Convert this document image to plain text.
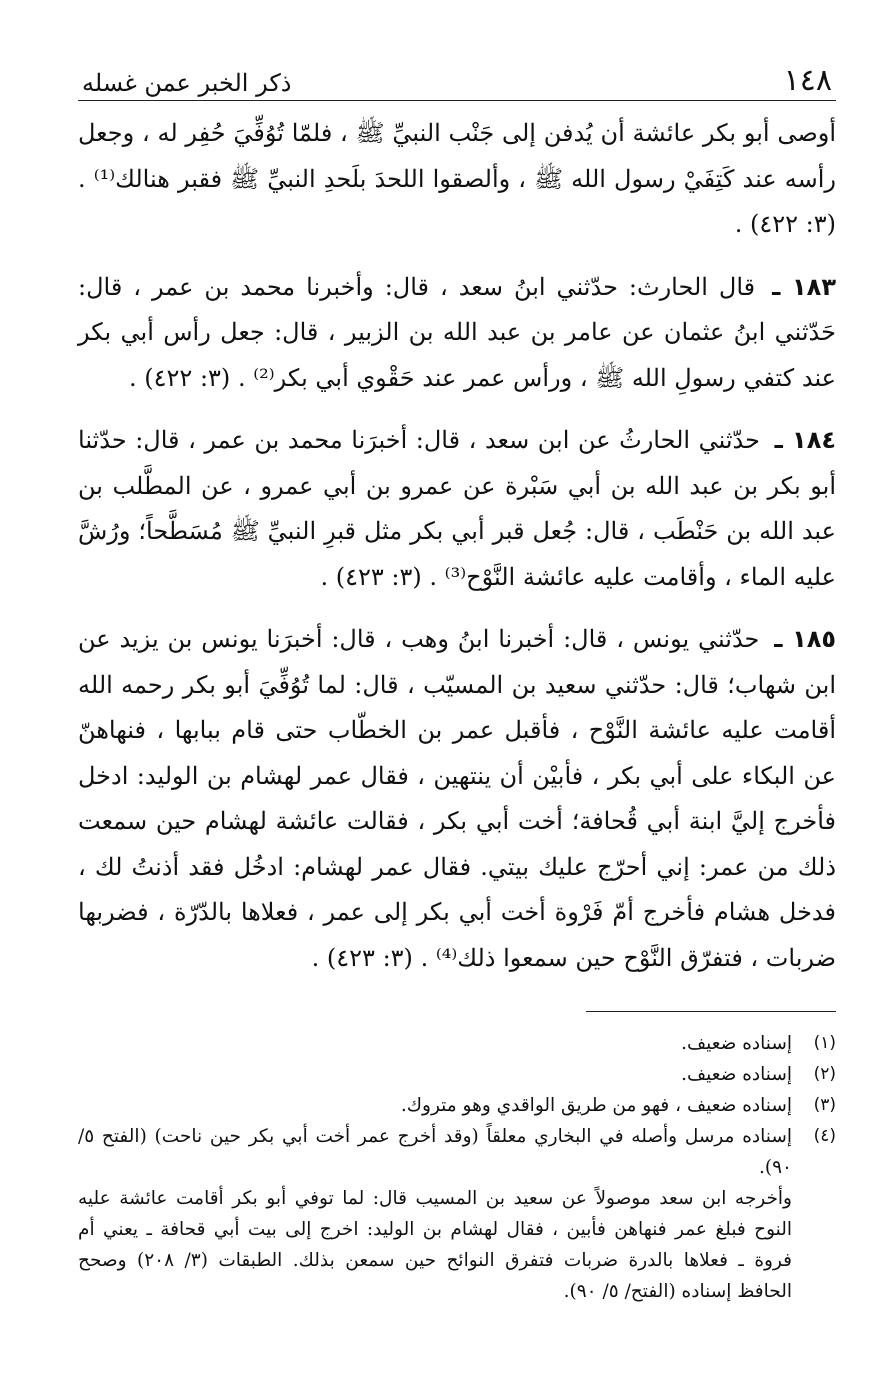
١٤٨
ذكر الخبر عمن غسله

أوصى أبو بكر عائشة أن يُدفن إلى جَنْب النبيِّ ﷺ ، فلمّا تُوُفِّيَ حُفِر له ، وجعل رأسه عند كَتِفَيْ رسول الله ﷺ ، وألصقوا اللحدَ بلَحدِ النبيِّ ﷺ فقبر هنالك⁽¹⁾ . (٣: ٤٢٢) .

١٨٣ ـ قال الحارث: حدّثني ابنُ سعد ، قال: وأخبرنا محمد بن عمر ، قال: حَدّثني ابنُ عثمان عن عامر بن عبد الله بن الزبير ، قال: جعل رأس أبي بكر عند كتفي رسولِ الله ﷺ ، ورأس عمر عند حَقْوي أبي بكر⁽²⁾ . (٣: ٤٢٢) .

١٨٤ ـ حدّثني الحارثُ عن ابن سعد ، قال: أخبرَنا محمد بن عمر ، قال: حدّثنا أبو بكر بن عبد الله بن أبي سَبْرة عن عمرو بن أبي عمرو ، عن المطَّلب بن عبد الله بن حَنْطَب ، قال: جُعل قبر أبي بكر مثل قبرِ النبيِّ ﷺ مُسَطَّحاً؛ ورُشَّ عليه الماء ، وأقامت عليه عائشة النَّوْح⁽³⁾ . (٣: ٤٢٣) .

١٨٥ ـ حدّثني يونس ، قال: أخبرنا ابنُ وهب ، قال: أخبرَنا يونس بن يزيد عن ابن شهاب؛ قال: حدّثني سعيد بن المسيّب ، قال: لما تُوُفِّيَ أبو بكر رحمه الله أقامت عليه عائشة النَّوْح ، فأقبل عمر بن الخطّاب حتى قام ببابها ، فنهاهنّ عن البكاء على أبي بكر ، فأبيْن أن ينتهين ، فقال عمر لهشام بن الوليد: ادخل فأخرج إليَّ ابنة أبي قُحافة؛ أخت أبي بكر ، فقالت عائشة لهشام حين سمعت ذلك من عمر: إني أحرّج عليك بيتي. فقال عمر لهشام: ادخُل فقد أذنتُ لك ، فدخل هشام فأخرج أمّ فَرْوة أخت أبي بكر إلى عمر ، فعلاها بالدّرّة ، فضربها ضربات ، فتفرّق النَّوْح حين سمعوا ذلك⁽⁴⁾ . (٣: ٤٢٣) .

(١)
إسناده ضعيف.
(٢)
إسناده ضعيف.
(٣)
إسناده ضعيف ، فهو من طريق الواقدي وهو متروك.
(٤)
إسناده مرسل وأصله في البخاري معلقاً (وقد أخرج عمر أخت أبي بكر حين ناحت) (الفتح ٥/ ٩٠).
وأخرجه ابن سعد موصولاً عن سعيد بن المسيب قال: لما توفي أبو بكر أقامت عائشة عليه النوح فبلغ عمر فنهاهن فأبين ، فقال لهشام بن الوليد: اخرج إلى بيت أبي قحافة ـ يعني أم فروة ـ فعلاها بالدرة ضربات فتفرق النوائح حين سمعن بذلك. الطبقات (٣/ ٢٠٨) وصحح الحافظ إسناده (الفتح/ ٥/ ٩٠).
